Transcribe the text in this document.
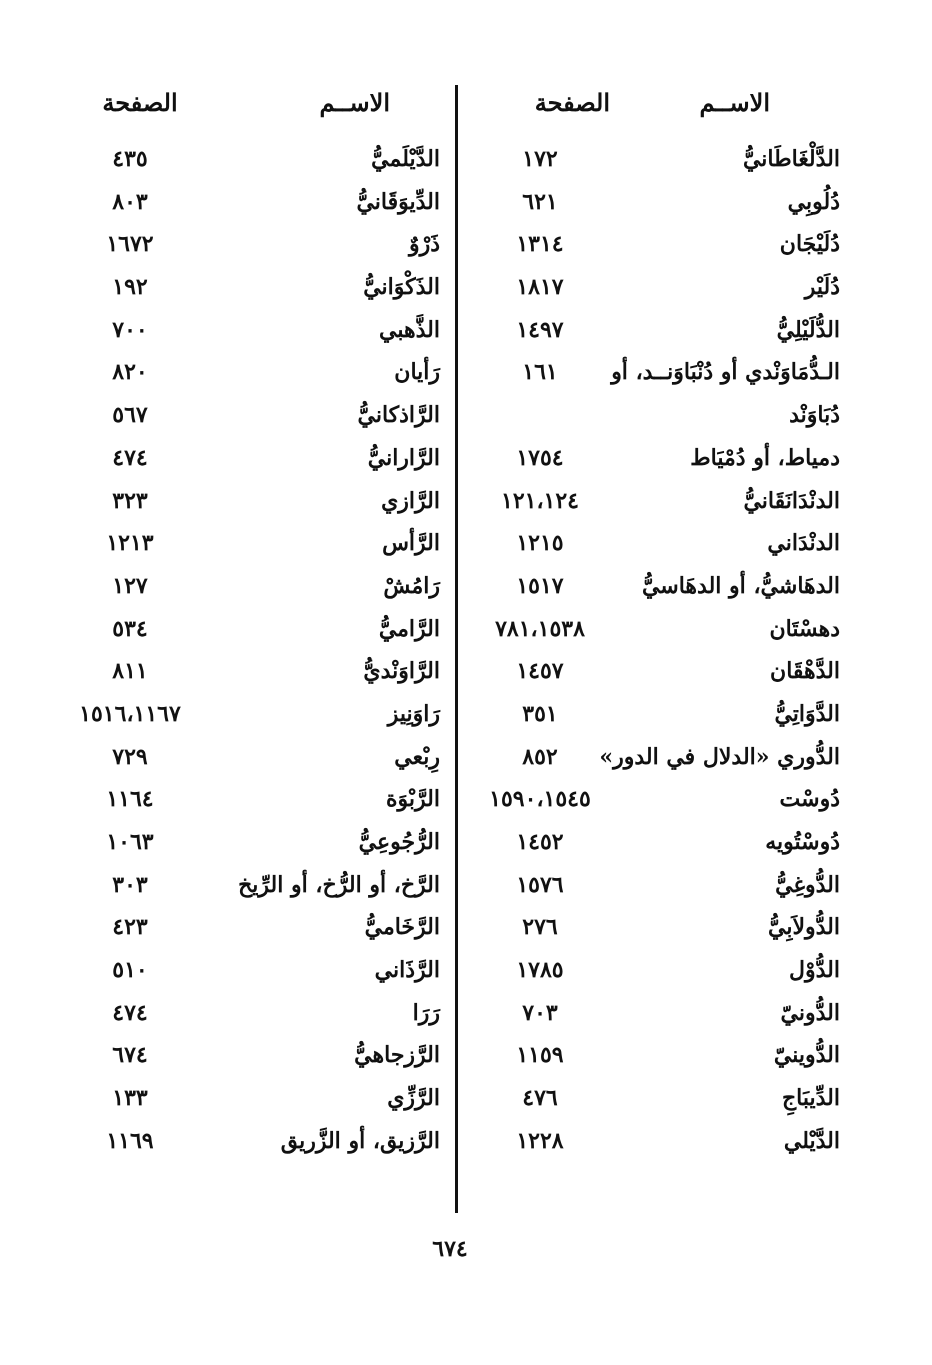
الاســم
الصفحة
الدَّلْغَاطَانيُّ
١٧٢
دُلُوبِي
٦٢١
دُلَيْجَان
١٣١٤
دُلَيْر
١٨١٧
الدُّلَيْلِيُّ
١٤٩٧
الـدُّمَاوَنْدي أو دُنْبَاوَنــد، أو
١٦١
دُبَاوَنْد
دمياط، أو دُمْيَاط
١٧٥٤
الدنْدَانَقَانيُّ
١٢١،١٢٤
الدنْدَاني
١٢١٥
الدهَاشيُّ، أو الدهَاسيُّ
١٥١٧
دهسْتَان
٧٨١،١٥٣٨
الدَّهْقَان
١٤٥٧
الدَّوَاتِيُّ
٣٥١
الدُّوري «الدلال في الدور»
٨٥٢
دُوسْت
١٥٩٠،١٥٤٥
دُوسْتُويه
١٤٥٢
الدُّوغِيُّ
١٥٧٦
الدُّولاَبِيُّ
٢٧٦
الدُّوْل
١٧٨٥
الدُّونيّ
٧٠٣
الدُّوينيّ
١١٥٩
الدِّيبَاجِ
٤٧٦
الدَّيْلي
١٢٢٨
الاســم
الصفحة
الدَّيْلَميُّ
٤٣٥
الدِّيوَقَانيُّ
٨٠٣
ذَرْوٌ
١٦٧٢
الذَكْوَانيُّ
١٩٢
الذَّهبي
٧٠٠
رَأيان
٨٢٠
الرَّاذكانيُّ
٥٦٧
الرَّارانيُّ
٤٧٤
الرَّازي
٣٢٣
الرَّأس
١٢١٣
رَامُشْ
١٢٧
الرَّاميُّ
٥٣٤
الرَّاوَنْديُّ
٨١١
رَاوَنِيز
١٥١٦،١١٦٧
رِبْعي
٧٢٩
الرَّبْوَة
١١٦٤
الرُّجُوعِيُّ
١٠٦٣
الرَّخ، أو الرُّخ، أو الرِّيخ
٣٠٣
الرَّخَاميُّ
٤٢٣
الرَّذَاني
٥١٠
رَرَا
٤٧٤
الرَّزجاهيُّ
٦٧٤
الرَّزِّي
١٣٣
الرَّزيق، أو الزَّريق
١١٦٩
٦٧٤
